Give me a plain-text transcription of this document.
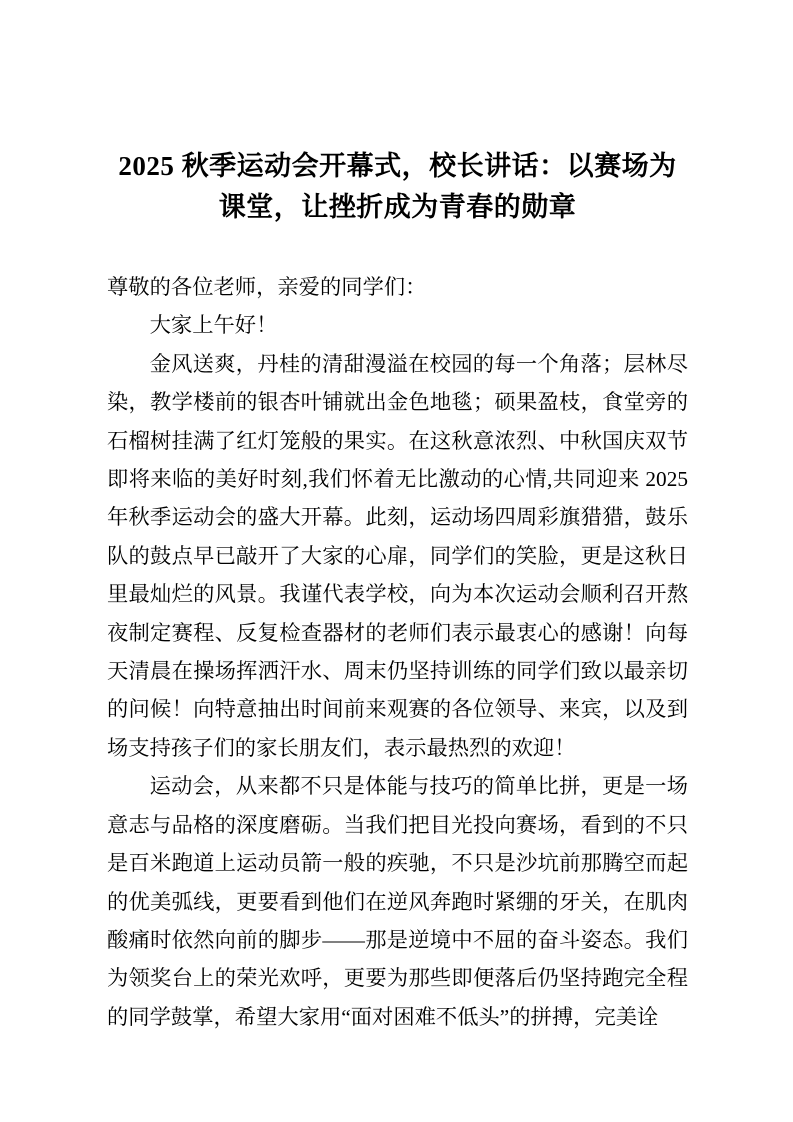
2025 秋季运动会开幕式，校长讲话：以赛场为课堂，让挫折成为青春的勋章

尊敬的各位老师，亲爱的同学们：

大家上午好！

金风送爽，丹桂的清甜漫溢在校园的每一个角落；层林尽染，教学楼前的银杏叶铺就出金色地毯；硕果盈枝，食堂旁的石榴树挂满了红灯笼般的果实。在这秋意浓烈、中秋国庆双节即将来临的美好时刻,我们怀着无比激动的心情,共同迎来 2025 年秋季运动会的盛大开幕。此刻，运动场四周彩旗猎猎，鼓乐队的鼓点早已敲开了大家的心扉，同学们的笑脸，更是这秋日里最灿烂的风景。我谨代表学校，向为本次运动会顺利召开熬夜制定赛程、反复检查器材的老师们表示最衷心的感谢！向每天清晨在操场挥洒汗水、周末仍坚持训练的同学们致以最亲切的问候！向特意抽出时间前来观赛的各位领导、来宾，以及到场支持孩子们的家长朋友们，表示最热烈的欢迎！

运动会，从来都不只是体能与技巧的简单比拼，更是一场意志与品格的深度磨砺。当我们把目光投向赛场，看到的不只是百米跑道上运动员箭一般的疾驰，不只是沙坑前那腾空而起的优美弧线，更要看到他们在逆风奔跑时紧绷的牙关，在肌肉酸痛时依然向前的脚步——那是逆境中不屈的奋斗姿态。我们为领奖台上的荣光欢呼，更要为那些即便落后仍坚持跑完全程的同学鼓掌，希望大家用“面对困难不低头”的拼搏，完美诠
